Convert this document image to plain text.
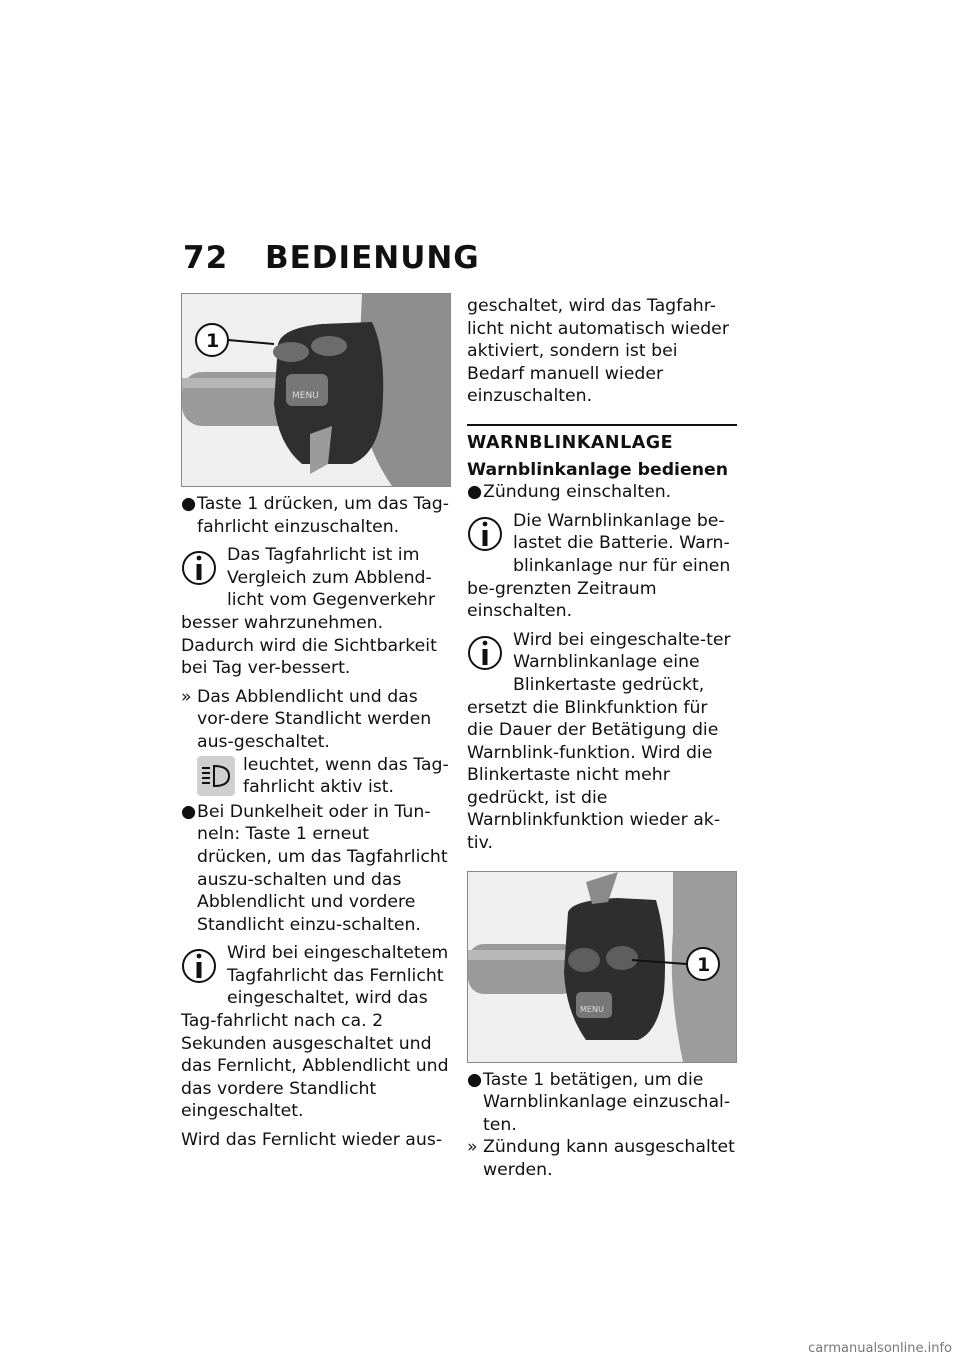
72 BEDIENUNG
MENU
1
● Taste 1 drücken, um das Tag-fahrlicht einzuschalten.

Das Tagfahrlicht ist im Vergleich zum Abblend-licht vom Gegenverkehr besser wahrzunehmen. Dadurch wird die Sichtbarkeit bei Tag ver-bessert.

» Das Abblendlicht und das vor-dere Standlicht werden aus-geschaltet.
leuchtet, wenn das Tag-fahrlicht aktiv ist.
● Bei Dunkelheit oder in Tun-neln: Taste 1 erneut drücken, um das Tagfahrlicht auszu-schalten und das Abblendlicht und vordere Standlicht einzu-schalten.

Wird bei eingeschaltetem Tagfahrlicht das Fernlicht eingeschaltet, wird das Tag-fahrlicht nach ca. 2 Sekunden ausgeschaltet und das Fernlicht, Abblendlicht und das vordere Standlicht eingeschaltet.

Wird das Fernlicht wieder aus-

geschaltet, wird das Tagfahr-licht nicht automatisch wieder aktiviert, sondern ist bei Bedarf manuell wieder einzuschalten.

WARNBLINKANLAGE
Warnblinkanlage bedienen
● Zündung einschalten.

Die Warnblinkanlage be-lastet die Batterie. Warn-blinkanlage nur für einen be-grenzten Zeitraum einschalten.

Wird bei eingeschalte-ter Warnblinkanlage eine Blinkertaste gedrückt, ersetzt die Blinkfunktion für die Dauer der Betätigung die Warnblink-funktion. Wird die Blinkertaste nicht mehr gedrückt, ist die Warnblinkfunktion wieder ak-tiv.

MENU
1
● Taste 1 betätigen, um die Warnblinkanlage einzuschal-ten.
» Zündung kann ausgeschaltet werden.
carmanualsonline.info
